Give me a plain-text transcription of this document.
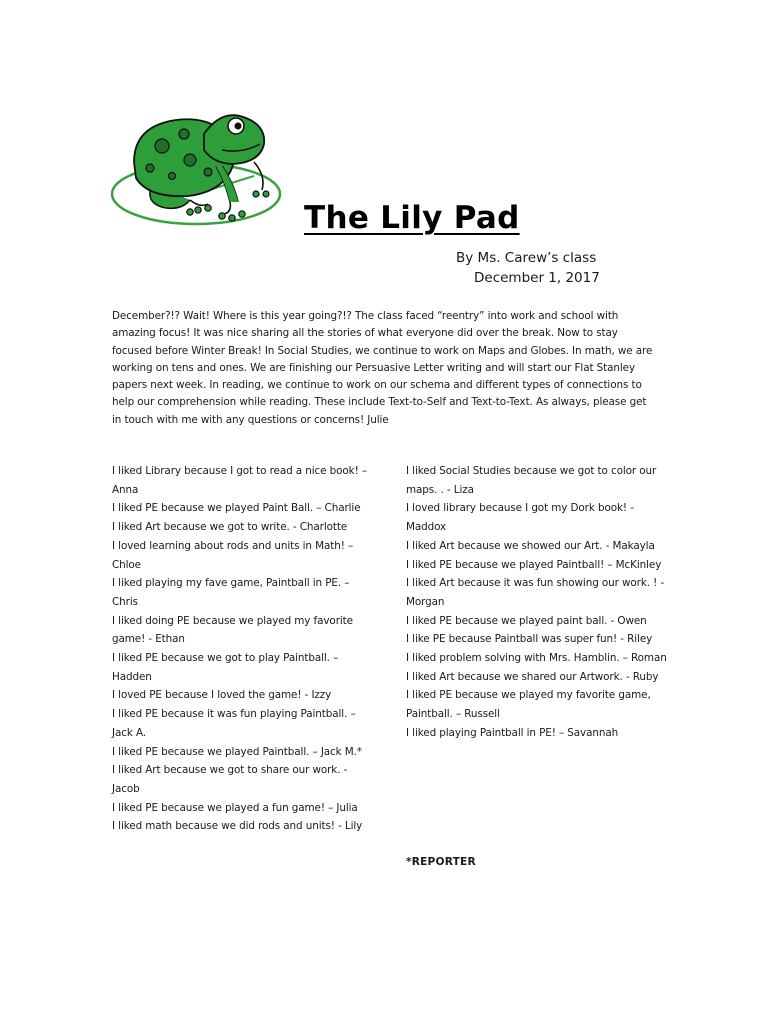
The Lily Pad
By Ms. Carew’s class
December 1, 2017

December?!? Wait! Where is this year going?!? The class faced “reentry” into work and school with amazing focus! It was nice sharing all the stories of what everyone did over the break. Now to stay focused before Winter Break! In Social Studies, we continue to work on Maps and Globes. In math, we are working on tens and ones. We are finishing our Persuasive Letter writing and will start our Flat Stanley papers next week. In reading, we continue to work on our schema and different types of connections to help our comprehension while reading. These include Text-to-Self and Text-to-Text. As always, please get in touch with me with any questions or concerns! Julie

I liked Library because I got to read a nice book! – Anna
I liked PE because we played Paint Ball. – Charlie
I liked Art because we got to write. - Charlotte
I loved learning about rods and units in Math! – Chloe
I liked playing my fave game, Paintball in PE. – Chris
I liked doing PE because we played my favorite game! - Ethan
I liked PE because we got to play Paintball. – Hadden
I loved PE because I loved the game! - Izzy
I liked PE because it was fun playing Paintball. – Jack A.
I liked PE because we played Paintball. – Jack M.*
I liked Art because we got to share our work. - Jacob
I liked PE because we played a fun game! – Julia
I liked math because we did rods and units! - Lily
I liked Social Studies because we got to color our maps. . - Liza
I loved library because I got my Dork book! - Maddox
I liked Art because we showed our Art. - Makayla
I liked PE because we played Paintball! – McKinley
I liked Art because it was fun showing our work. ! - Morgan
I liked PE because we played paint ball. - Owen
I like PE because Paintball was super fun! - Riley
I liked problem solving with Mrs. Hamblin. – Roman
I liked Art because we shared our Artwork. - Ruby
I liked PE because we played my favorite game, Paintball. – Russell
I liked playing Paintball in PE! – Savannah
*REPORTER
